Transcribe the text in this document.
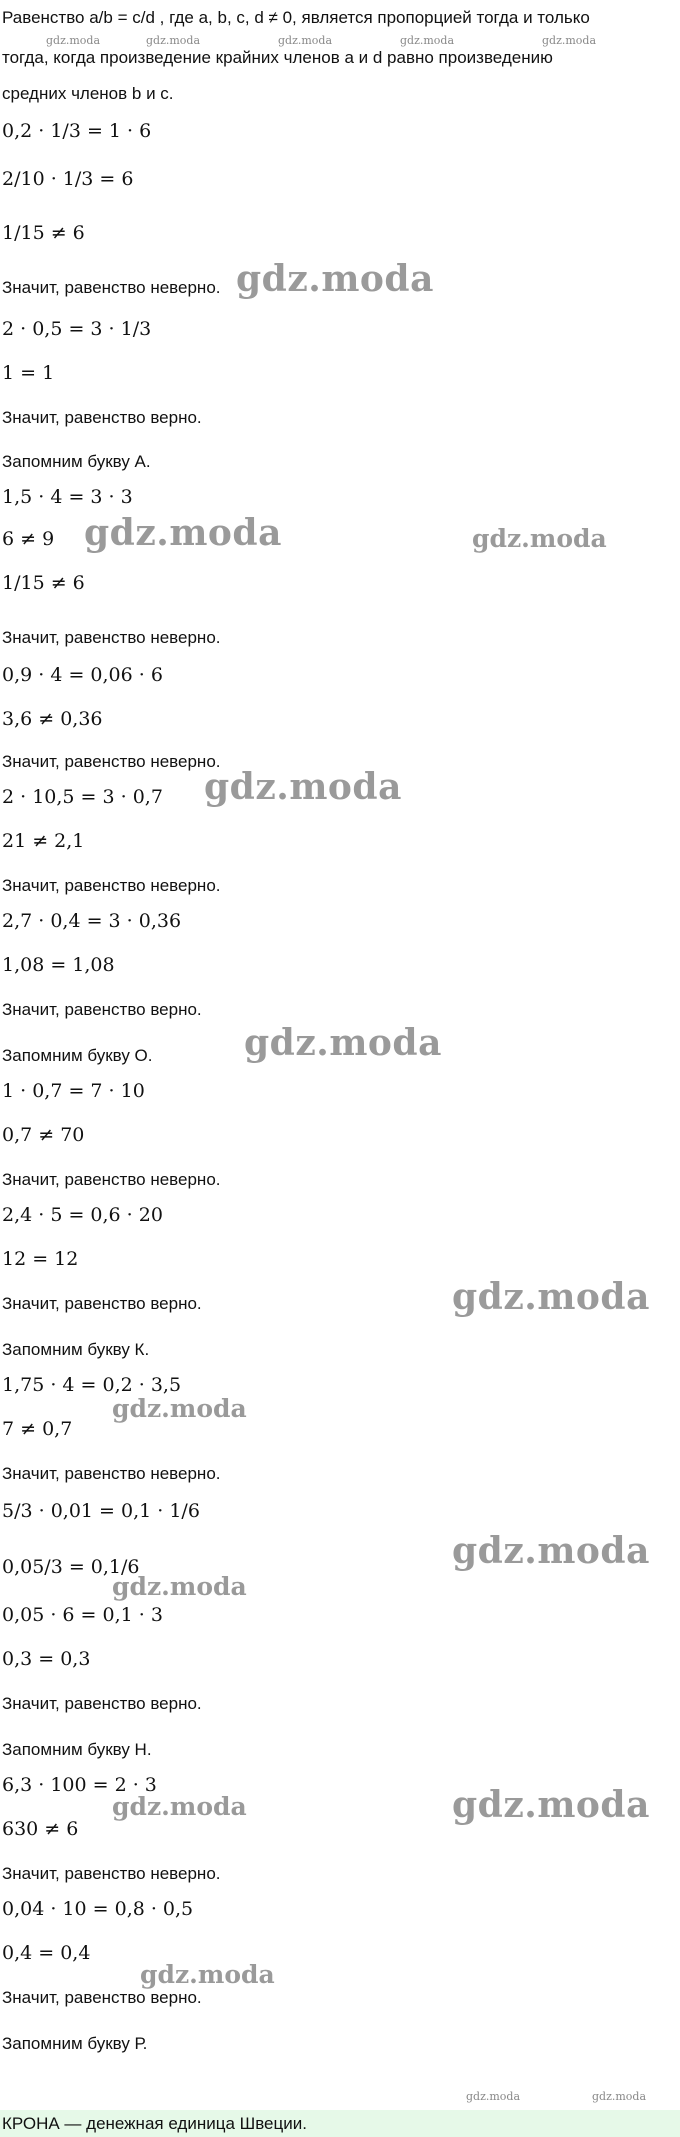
Равенство a/b = c/d , где a, b, c, d ≠ 0, является пропорцией тогда и только
тогда, когда произведение крайних членов a и d равно произведению
средних членов b и c.
0,2 · 1/3 = 1 · 6
2/10 · 1/3 = 6
1/15 ≠ 6
Значит, равенство неверно.
2 · 0,5 = 3 · 1/3
1 = 1
Значит, равенство верно.
Запомним букву А.
1,5 · 4 = 3 · 3
6 ≠ 9
1/15 ≠ 6
Значит, равенство неверно.
0,9 · 4 = 0,06 · 6
3,6 ≠ 0,36
Значит, равенство неверно.
2 · 10,5 = 3 · 0,7
21 ≠ 2,1
Значит, равенство неверно.
2,7 · 0,4 = 3 · 0,36
1,08 = 1,08
Значит, равенство верно.
Запомним букву О.
1 · 0,7 = 7 · 10
0,7 ≠ 70
Значит, равенство неверно.
2,4 · 5 = 0,6 · 20
12 = 12
Значит, равенство верно.
Запомним букву К.
1,75 · 4 = 0,2 · 3,5
7 ≠ 0,7
Значит, равенство неверно.
5/3 · 0,01 = 0,1 · 1/6
0,05/3 = 0,1/6
0,05 · 6 = 0,1 · 3
0,3 = 0,3
Значит, равенство верно.
Запомним букву Н.
6,3 · 100 = 2 · 3
630 ≠ 6
Значит, равенство неверно.
0,04 · 10 = 0,8 · 0,5
0,4 = 0,4
Значит, равенство верно.
Запомним букву Р.
gdz.moda	gdz.moda	gdz.moda	gdz.moda	gdz.moda
gdz.moda
gdz.moda	gdz.moda
gdz.moda
gdz.moda
gdz.moda
gdz.moda
gdz.moda
gdz.moda
gdz.moda	gdz.moda
gdz.moda
gdz.moda	gdz.moda
КРОНА — денежная единица Швеции.
